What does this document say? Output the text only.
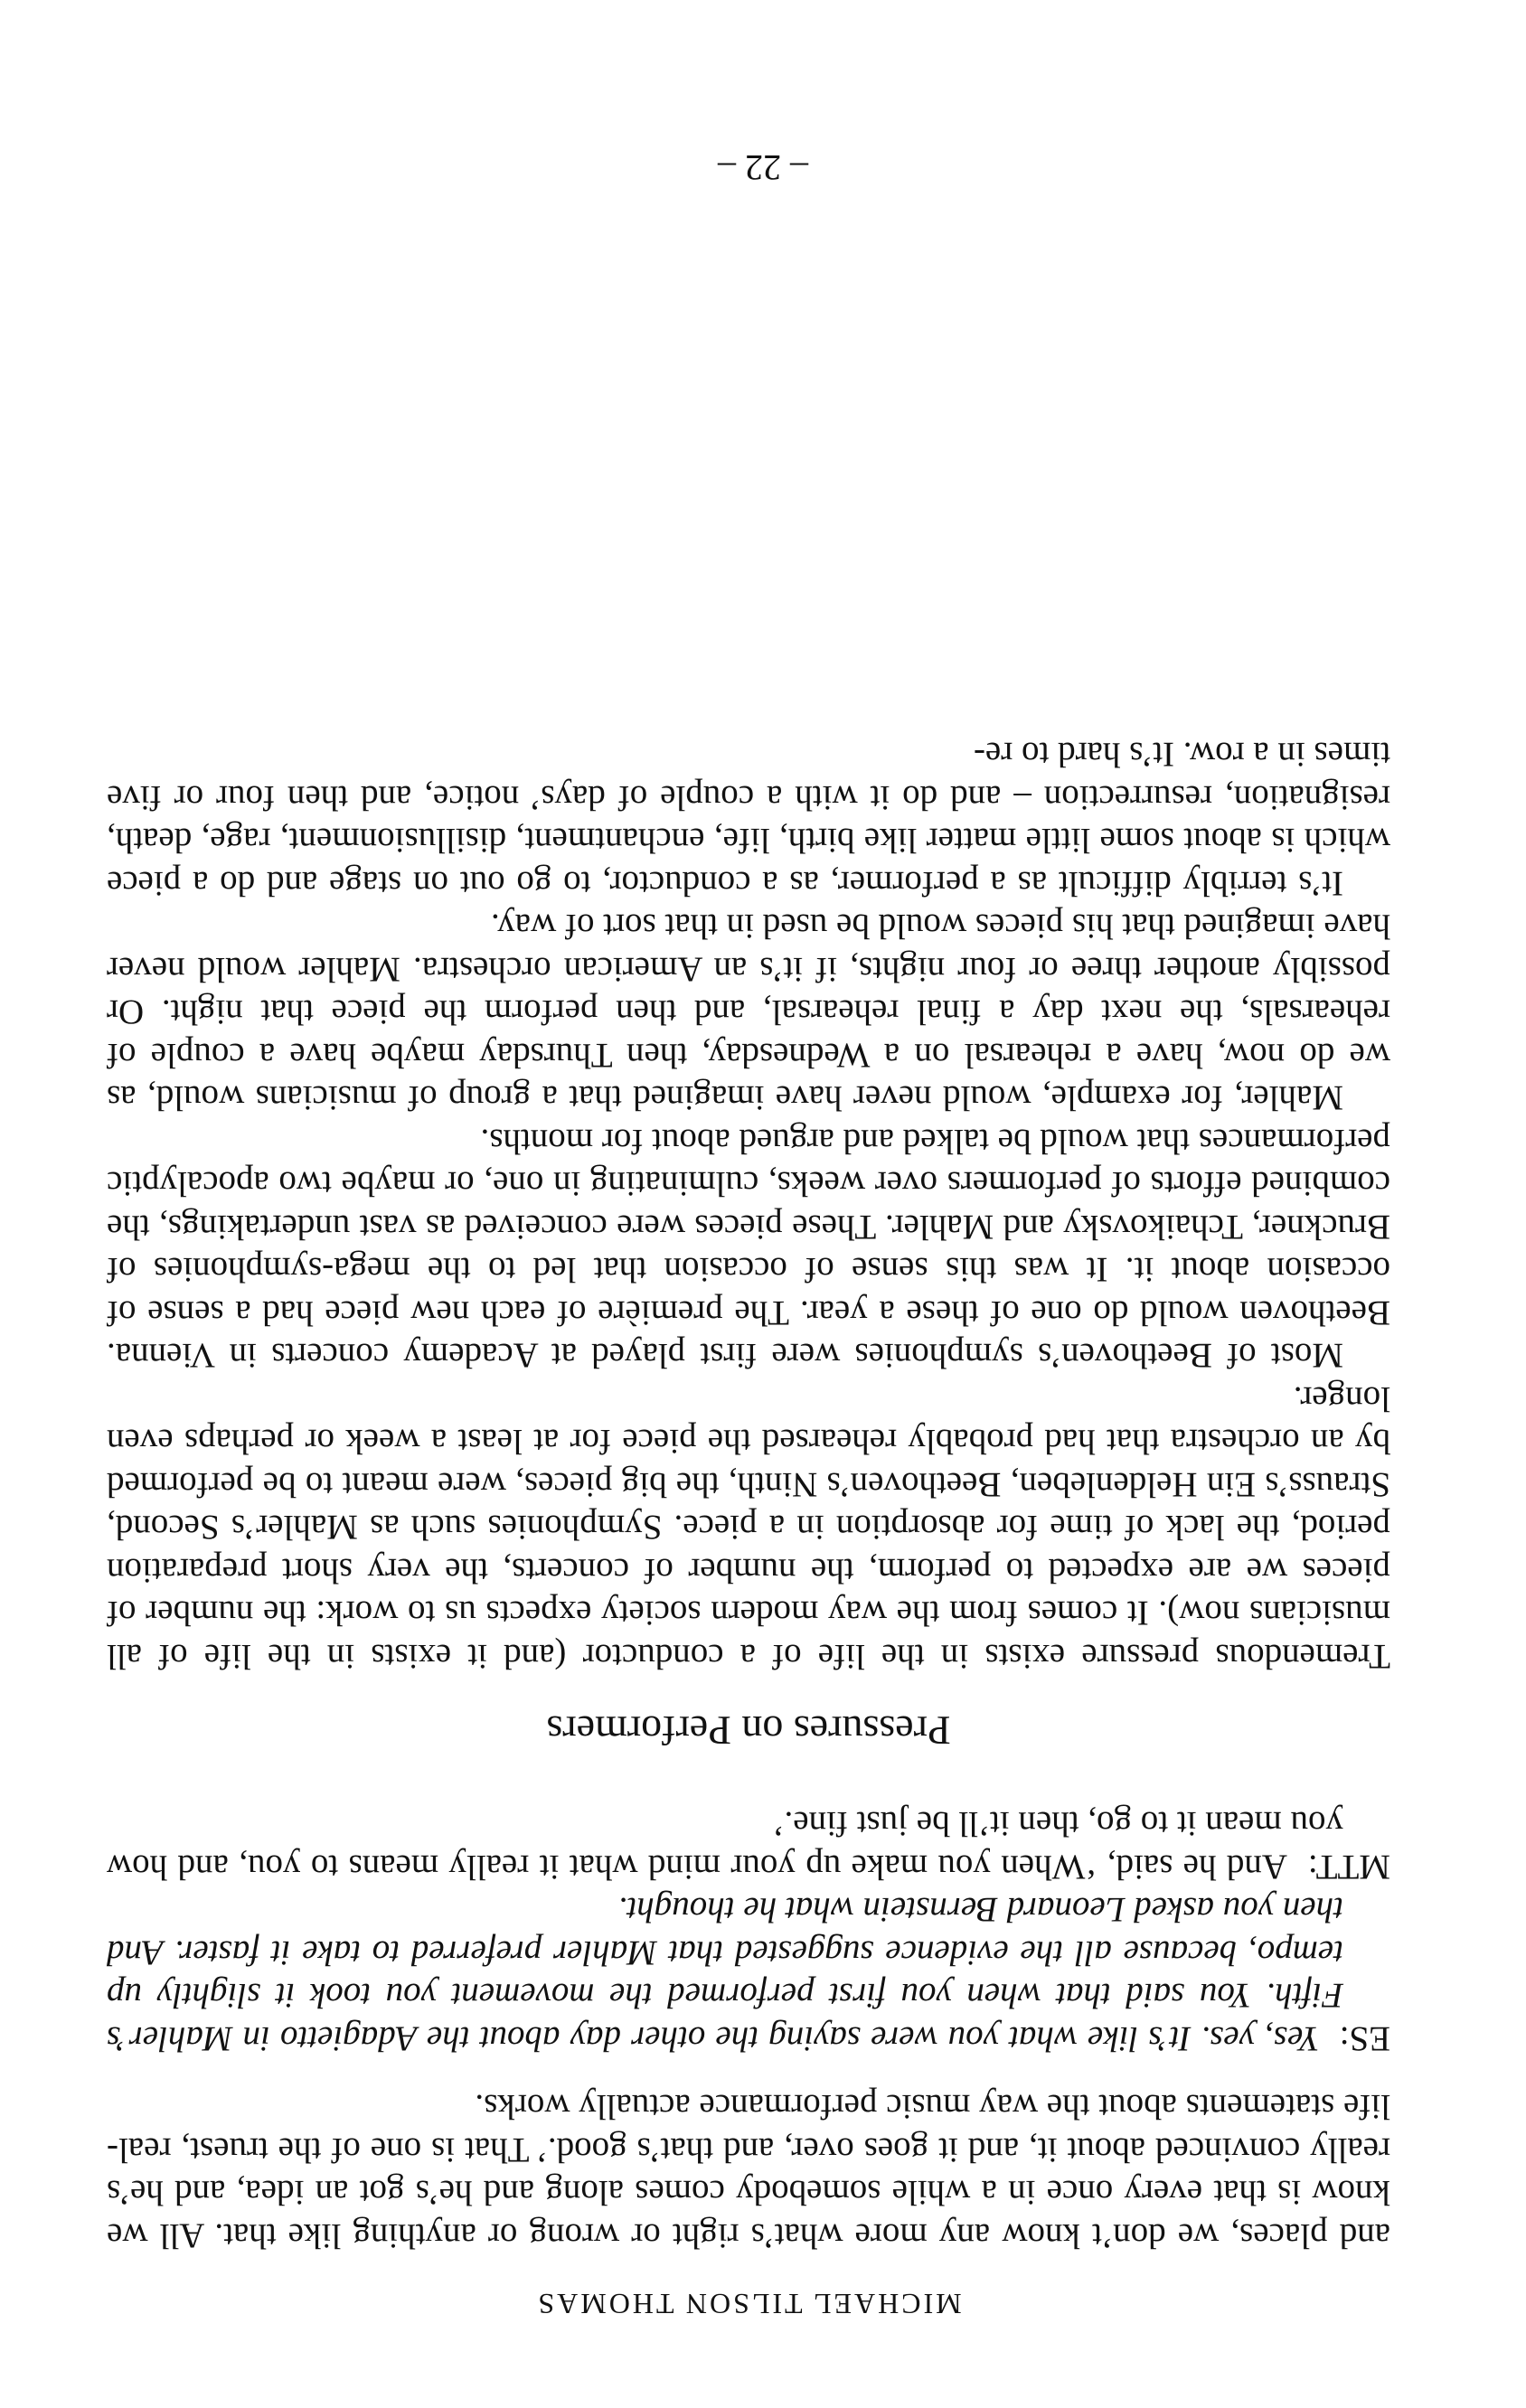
MICHAEL TILSON THOMAS

and places, we don’t know any more what’s right or wrong or anything like that. All we know is that every once in a while somebody comes along and he’s got an idea, and he’s really convinced about it, and it goes over, and that’s good.’ That is one of the truest, real-life statements about the way music performance actually works.

ES:  Yes, yes. It’s like what you were saying the other day about the Adagietto in Mahler’s Fifth. You said that when you first performed the movement you took it slightly up tempo, because all the evidence suggested that Mahler preferred to take it faster. And then you asked Leonard Bernstein what he thought.

MTT:  And he said, ‘When you make up your mind what it really means to you, and how you mean it to go, then it’ll be just fine.’

Pressures on Performers

Tremendous pressure exists in the life of a conductor (and it exists in the life of all musicians now). It comes from the way modern society expects us to work: the number of pieces we are expected to perform, the number of concerts, the very short preparation period, the lack of time for absorption in a piece. Symphonies such as Mahler’s Second, Strauss’s Ein Heldenleben, Beethoven’s Ninth, the big pieces, were meant to be performed by an orchestra that had probably rehearsed the piece for at least a week or perhaps even longer.

Most of Beethoven’s symphonies were first played at Academy concerts in Vienna. Beethoven would do one of these a year. The première of each new piece had a sense of occasion about it. It was this sense of occasion that led to the mega-symphonies of Bruckner, Tchaikovsky and Mahler. These pieces were conceived as vast undertakings, the combined efforts of performers over weeks, culminating in one, or maybe two apocalyptic performances that would be talked and argued about for months.

Mahler, for example, would never have imagined that a group of musicians would, as we do now, have a rehearsal on a Wednesday, then Thursday maybe have a couple of rehearsals, the next day a final rehearsal, and then perform the piece that night. Or possibly another three or four nights, if it’s an American orchestra. Mahler would never have imagined that his pieces would be used in that sort of way.

It’s terribly difficult as a performer, as a conductor, to go out on stage and do a piece which is about some little matter like birth, life, enchantment, disillusionment, rage, death, resignation, resurrection – and do it with a couple of days’ notice, and then four or five times in a row. It’s hard to re-

– 22 –
